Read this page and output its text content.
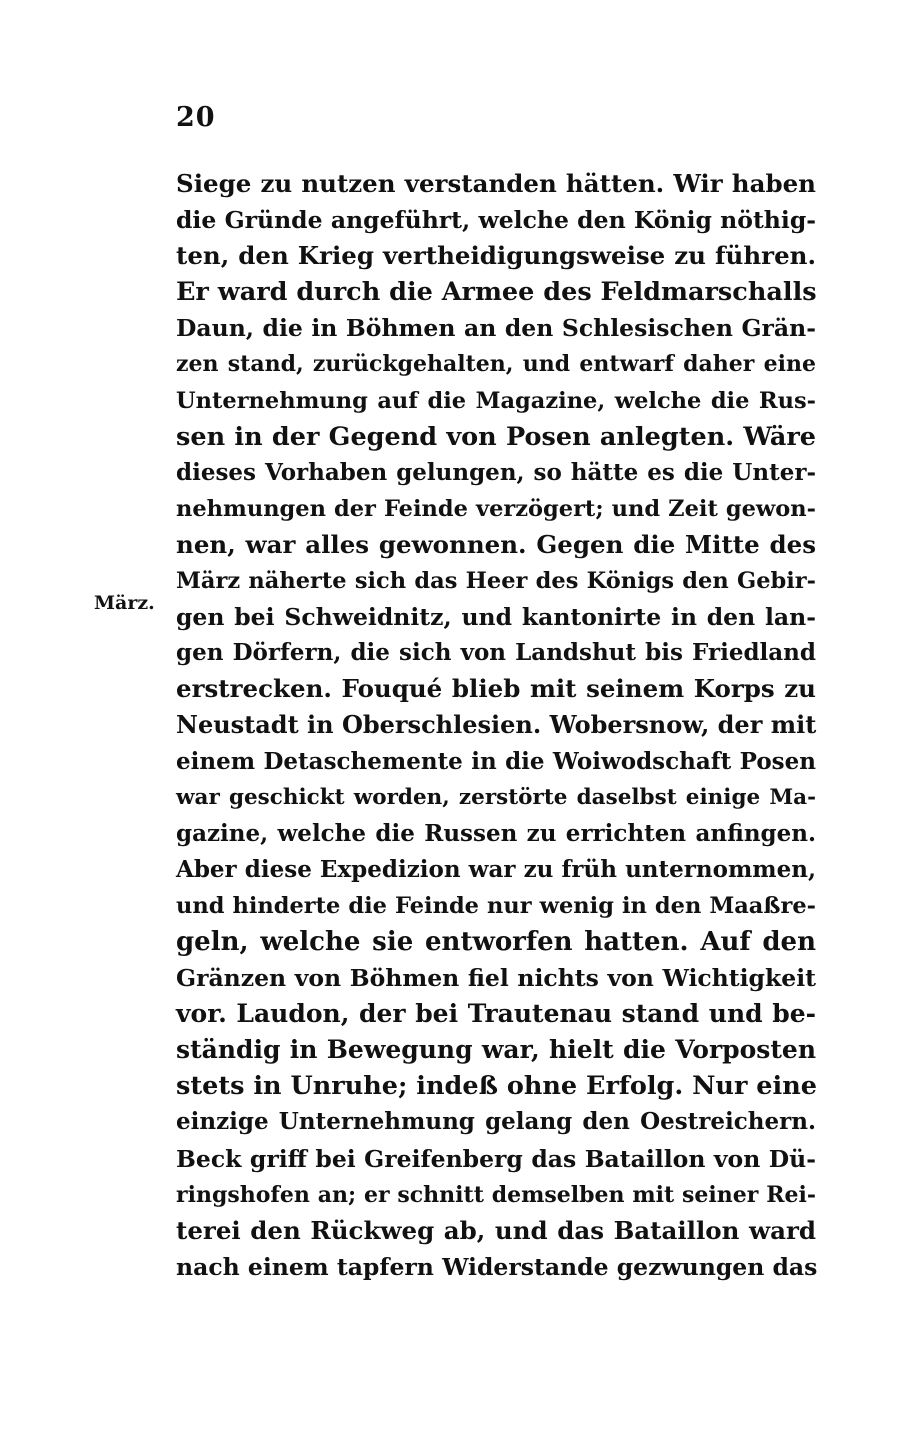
20
März.
Siege zu nutzen verstanden hätten. Wir haben
die Gründe angeführt, welche den König nöthig-
ten, den Krieg vertheidigungsweise zu führen.
Er ward durch die Armee des Feldmarschalls
Daun, die in Böhmen an den Schlesischen Grän-
zen stand, zurückgehalten, und entwarf daher eine
Unternehmung auf die Magazine, welche die Rus-
sen in der Gegend von Posen anlegten. Wäre
dieses Vorhaben gelungen, so hätte es die Unter-
nehmungen der Feinde verzögert; und Zeit gewon-
nen, war alles gewonnen. Gegen die Mitte des
März näherte sich das Heer des Königs den Gebir-
gen bei Schweidnitz, und kantonirte in den lan-
gen Dörfern, die sich von Landshut bis Friedland
erstrecken. Fouqué blieb mit seinem Korps zu
Neustadt in Oberschlesien. Wobersnow, der mit
einem Detaschemente in die Woiwodschaft Posen
war geschickt worden, zerstörte daselbst einige Ma-
gazine, welche die Russen zu errichten anfingen.
Aber diese Expedizion war zu früh unternommen,
und hinderte die Feinde nur wenig in den Maaßre-
geln, welche sie entworfen hatten. Auf den
Gränzen von Böhmen fiel nichts von Wichtigkeit
vor. Laudon, der bei Trautenau stand und be-
ständig in Bewegung war, hielt die Vorposten
stets in Unruhe; indeß ohne Erfolg. Nur eine
einzige Unternehmung gelang den Oestreichern.
Beck griff bei Greifenberg das Bataillon von Dü-
ringshofen an; er schnitt demselben mit seiner Rei-
terei den Rückweg ab, und das Bataillon ward
nach einem tapfern Widerstande gezwungen das
